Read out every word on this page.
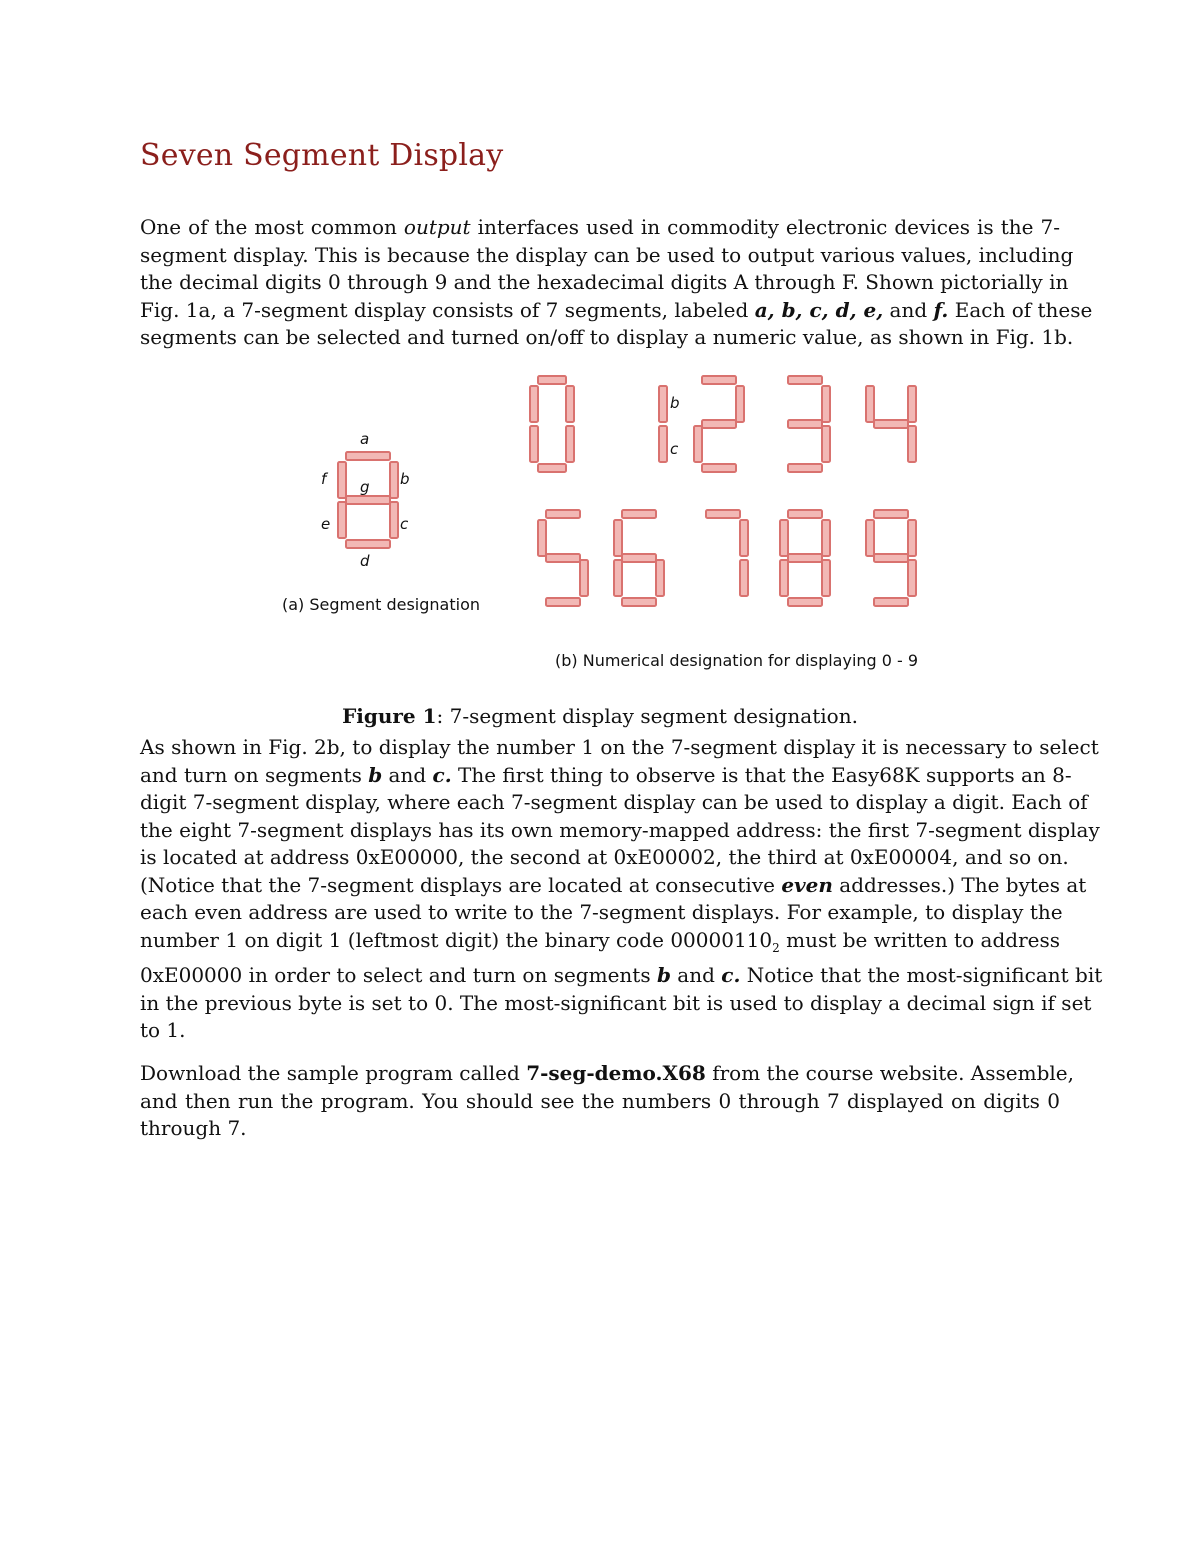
Seven Segment Display
One of the most common output interfaces used in commodity electronic devices is the 7-
segment display. This is because the display can be used to output various values, including
the decimal digits 0 through 9 and the hexadecimal digits A through F. Shown pictorially in
Fig. 1a, a 7-segment display consists of 7 segments, labeled a, b, c, d, e, and f. Each of these
segments can be selected and turned on/off to display a numeric value, as shown in Fig. 1b.
a
b
c
d
e
f g
(a) Segment designation
b
c
(b) Numerical designation for displaying 0 - 9

Figure 1: 7-segment display segment designation.

As shown in Fig. 2b, to display the number 1 on the 7-segment display it is necessary to select
and turn on segments b and c. The first thing to observe is that the Easy68K supports an 8-
digit 7-segment display, where each 7-segment display can be used to display a digit. Each of
the eight 7-segment displays has its own memory-mapped address: the first 7-segment display
is located at address 0xE00000, the second at 0xE00002, the third at 0xE00004, and so on.
(Notice that the 7-segment displays are located at consecutive even addresses.) The bytes at
each even address are used to write to the 7-segment displays. For example, to display the
number 1 on digit 1 (leftmost digit) the binary code $00000110_2$ must be written to address
0xE00000 in order to select and turn on segments b and c. Notice that the most-significant bit
in the previous byte is set to 0. The most-significant bit is used to display a decimal sign if set
to 1.
Download the sample program called 7-seg-demo.X68 from the course website. Assemble,
and then run the program. You should see the numbers 0 through 7 displayed on digits 0
through 7.
